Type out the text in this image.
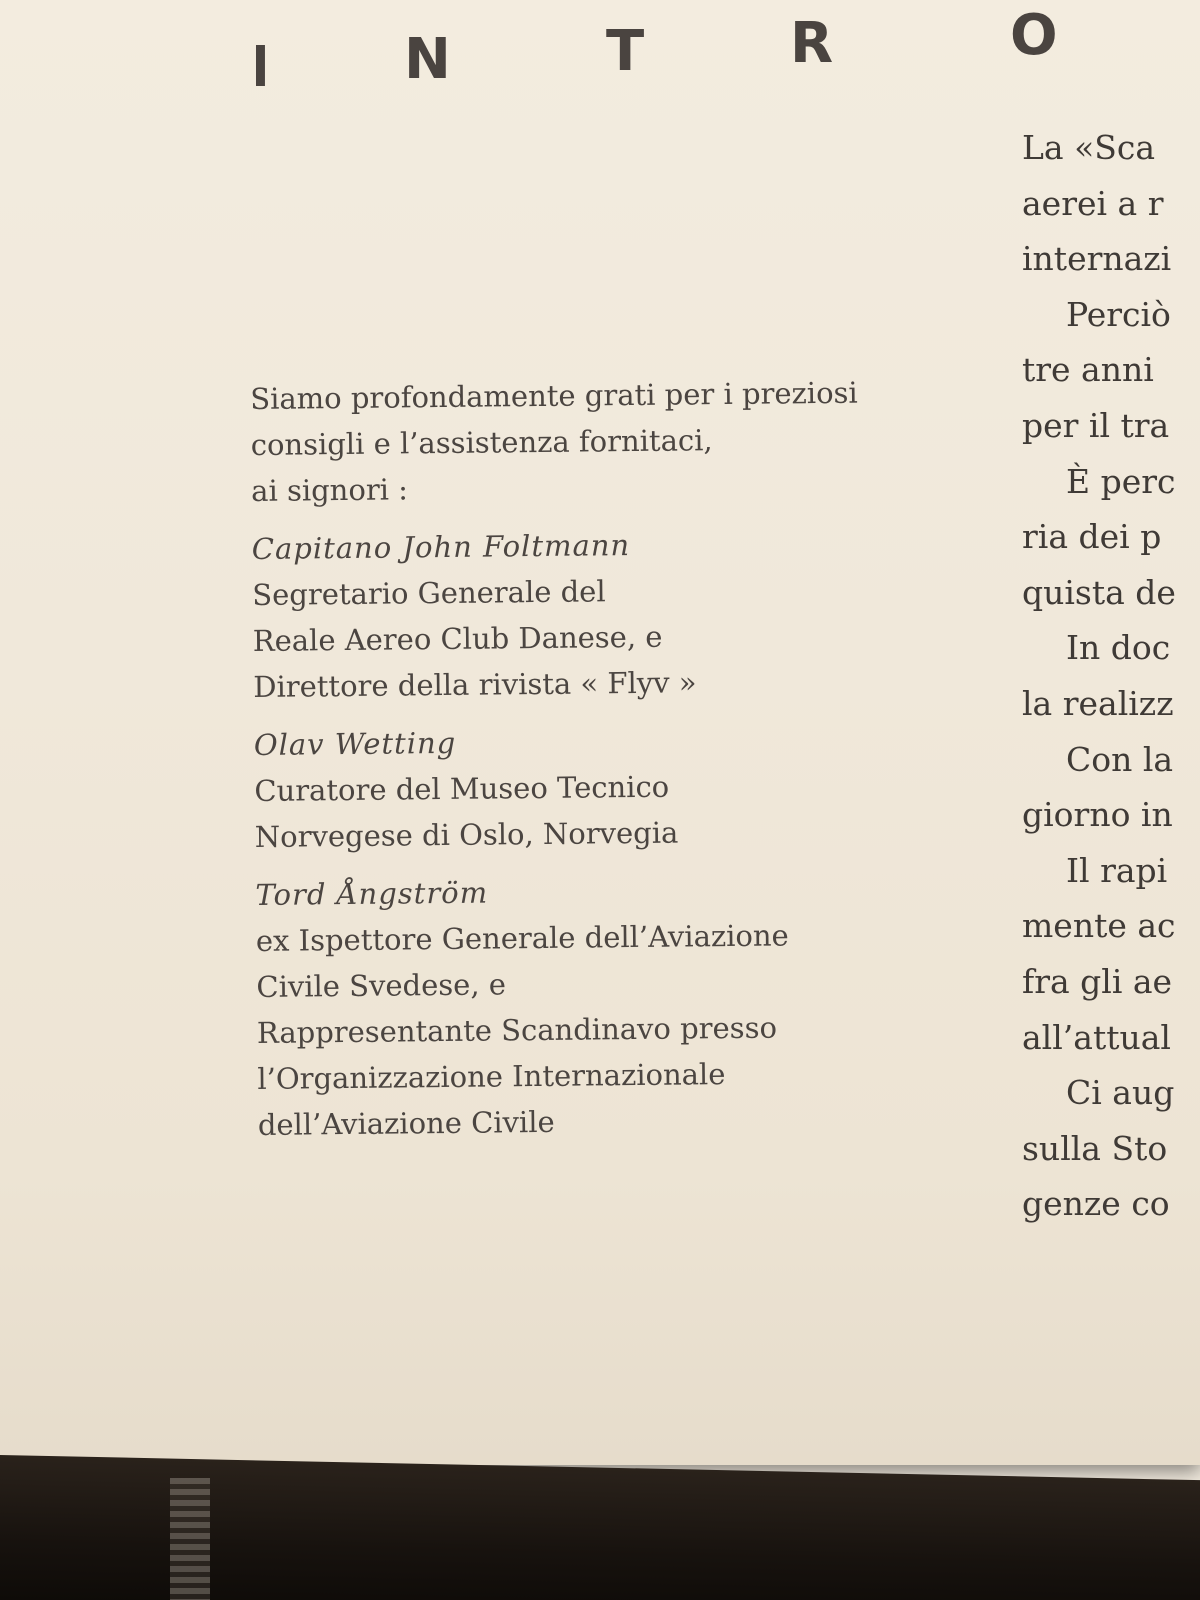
I N	T	R	O

Siamo profondamente grati per i preziosi

consigli e l’assistenza fornitaci,

ai signori :

Capitano John Foltmann

Segretario Generale del

Reale Aereo Club Danese, e

Direttore della rivista « Flyv »

Olav Wetting

Curatore del Museo Tecnico

Norvegese di Oslo, Norvegia

Tord Ångström

ex Ispettore Generale dell’Aviazione

Civile Svedese, e

Rappresentante Scandinavo presso

l’Organizzazione Internazionale

dell’Aviazione Civile

La «Sca
aerei a r
internazi
Perciò
tre anni
per il tra
È perc
ria dei p
quista de
In doc
la realizz
Con la
giorno in
Il rapi
mente ac
fra gli ae
all’attual
Ci aug
sulla Sto
genze co
